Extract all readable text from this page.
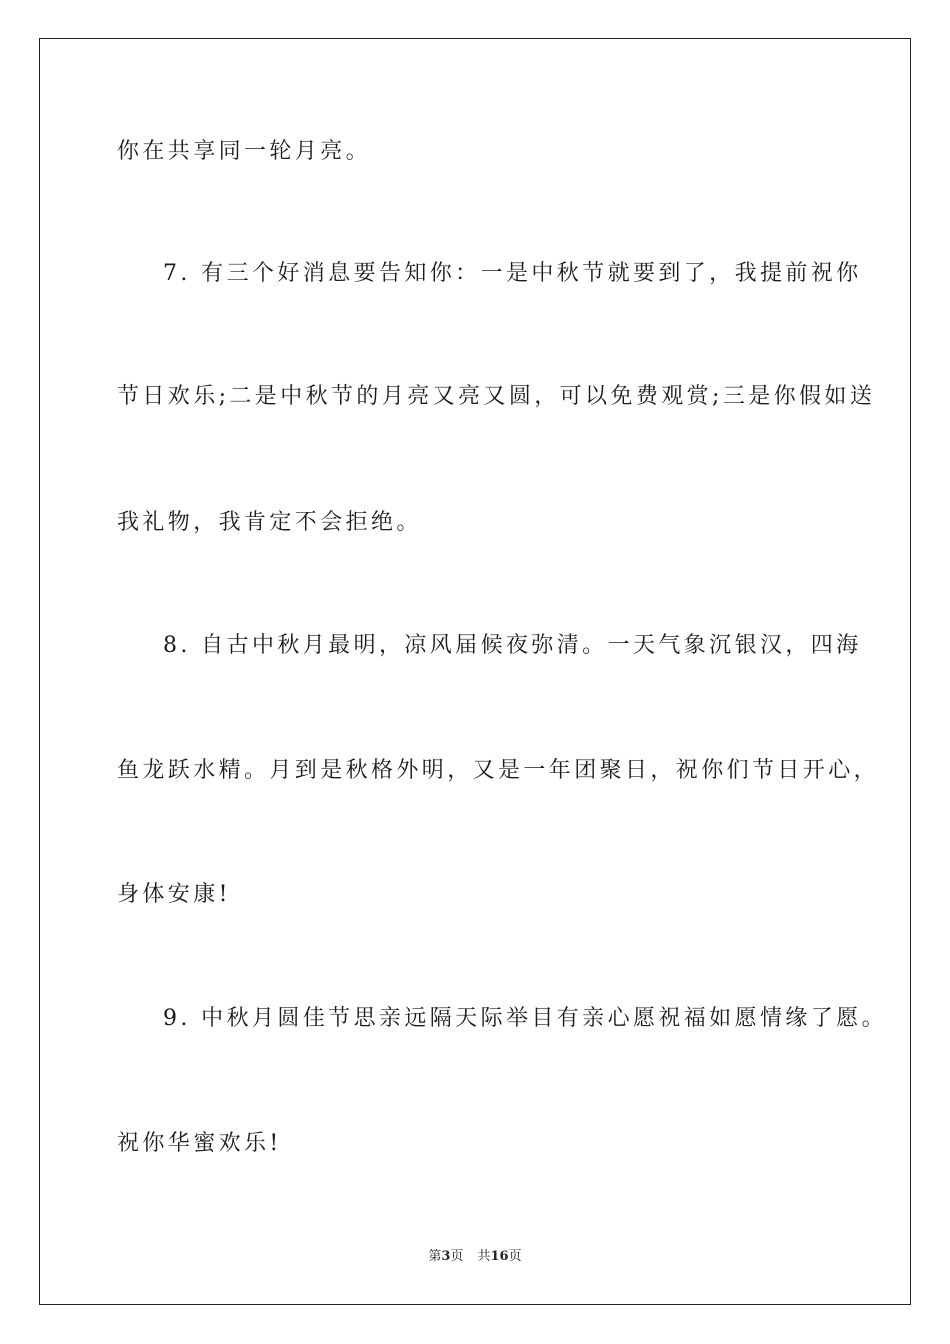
你在共享同一轮月亮。
7. 有三个好消息要告知你：一是中秋节就要到了，我提前祝你
节日欢乐;二是中秋节的月亮又亮又圆，可以免费观赏;三是你假如送
我礼物，我肯定不会拒绝。
8. 自古中秋月最明，凉风届候夜弥清。一天气象沉银汉，四海
鱼龙跃水精。月到是秋格外明，又是一年团聚日，祝你们节日开心，
身体安康!
9. 中秋月圆佳节思亲远隔天际举目有亲心愿祝福如愿情缘了愿。
祝你华蜜欢乐!
第3页 共16页
